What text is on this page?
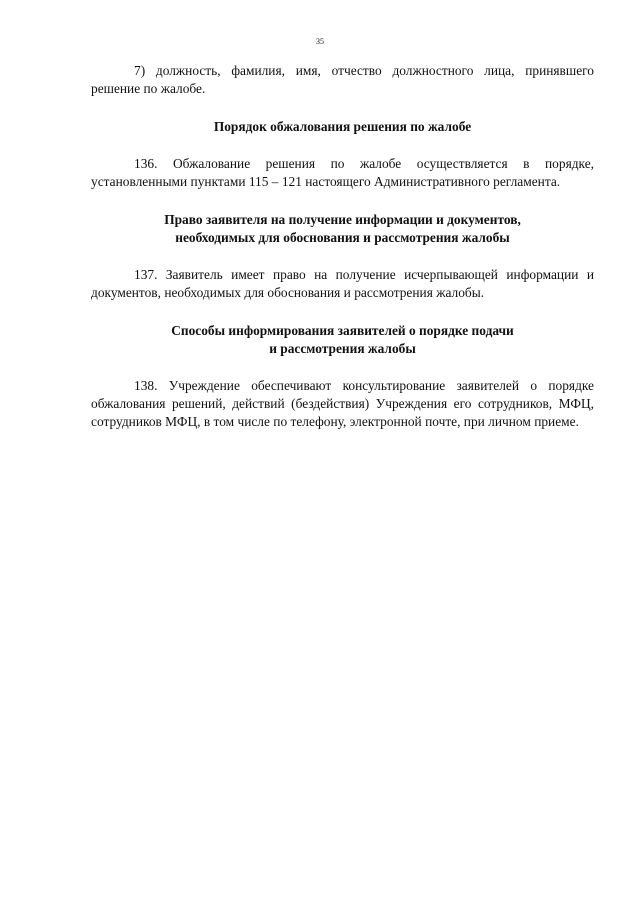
35

7) должность, фамилия, имя, отчество должностного лица, принявшего решение по жалобе.

Порядок обжалования решения по жалобе

136. Обжалование решения по жалобе осуществляется в порядке, установленными пунктами 115 – 121 настоящего Административного регламента.

Право заявителя на получение информации и документов,
необходимых для обоснования и рассмотрения жалобы

137. Заявитель имеет право на получение исчерпывающей информации и документов, необходимых для обоснования и рассмотрения жалобы.

Способы информирования заявителей о порядке подачи
и рассмотрения жалобы

138. Учреждение обеспечивают консультирование заявителей о порядке обжалования решений, действий (бездействия) Учреждения его сотрудников, МФЦ, сотрудников МФЦ, в том числе по телефону, электронной почте, при личном приеме.
